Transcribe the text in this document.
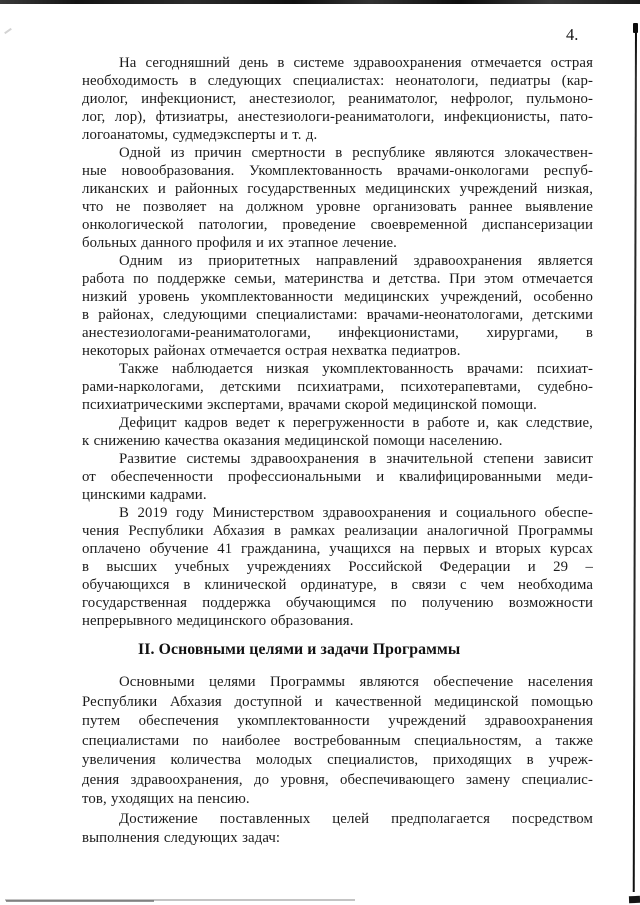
4.
На сегодняшний день в системе здравоохранения отмечается острая
необходимость в следующих специалистах: неонатологи, педиатры (кар-
диолог, инфекционист, анестезиолог, реаниматолог, нефролог, пульмоно-
лог, лор), фтизиатры, анестезиологи-реаниматологи, инфекционисты, пато-
логоанатомы, судмедэксперты и т. д.
Одной из причин смертности в республике являются злокачествен-
ные новообразования. Укомплектованность врачами-онкологами респуб-
ликанских и районных государственных медицинских учреждений низкая,
что не позволяет на должном уровне организовать раннее выявление
онкологической патологии, проведение своевременной диспансеризации
больных данного профиля и их этапное лечение.
Одним из приоритетных направлений здравоохранения является
работа по поддержке семьи, материнства и детства. При этом отмечается
низкий уровень укомплектованности медицинских учреждений, особенно
в районах, следующими специалистами: врачами-неонатологами, детскими
анестезиологами-реаниматологами, инфекционистами, хирургами, в
некоторых районах отмечается острая нехватка педиатров.
Также наблюдается низкая укомплектованность врачами: психиат-
рами-наркологами, детскими психиатрами, психотерапевтами, судебно-
психиатрическими экспертами, врачами скорой медицинской помощи.
Дефицит кадров ведет к перегруженности в работе и, как следствие,
к снижению качества оказания медицинской помощи населению.
Развитие системы здравоохранения в значительной степени зависит
от обеспеченности профессиональными и квалифицированными меди-
цинскими кадрами.
В 2019 году Министерством здравоохранения и социального обеспе-
чения Республики Абхазия в рамках реализации аналогичной Программы
оплачено обучение 41 гражданина, учащихся на первых и вторых курсах
в высших учебных учреждениях Российской Федерации и 29 –
обучающихся в клинической ординатуре, в связи с чем необходима
государственная поддержка обучающимся по получению возможности
непрерывного медицинского образования.
II. Основными целями и задачи Программы
Основными целями Программы являются обеспечение населения
Республики Абхазия доступной и качественной медицинской помощью
путем обеспечения укомплектованности учреждений здравоохранения
специалистами по наиболее востребованным специальностям, а также
увеличения количества молодых специалистов, приходящих в учреж-
дения здравоохранения, до уровня, обеспечивающего замену специалис-
тов, уходящих на пенсию.
Достижение поставленных целей предполагается посредством
выполнения следующих задач:
